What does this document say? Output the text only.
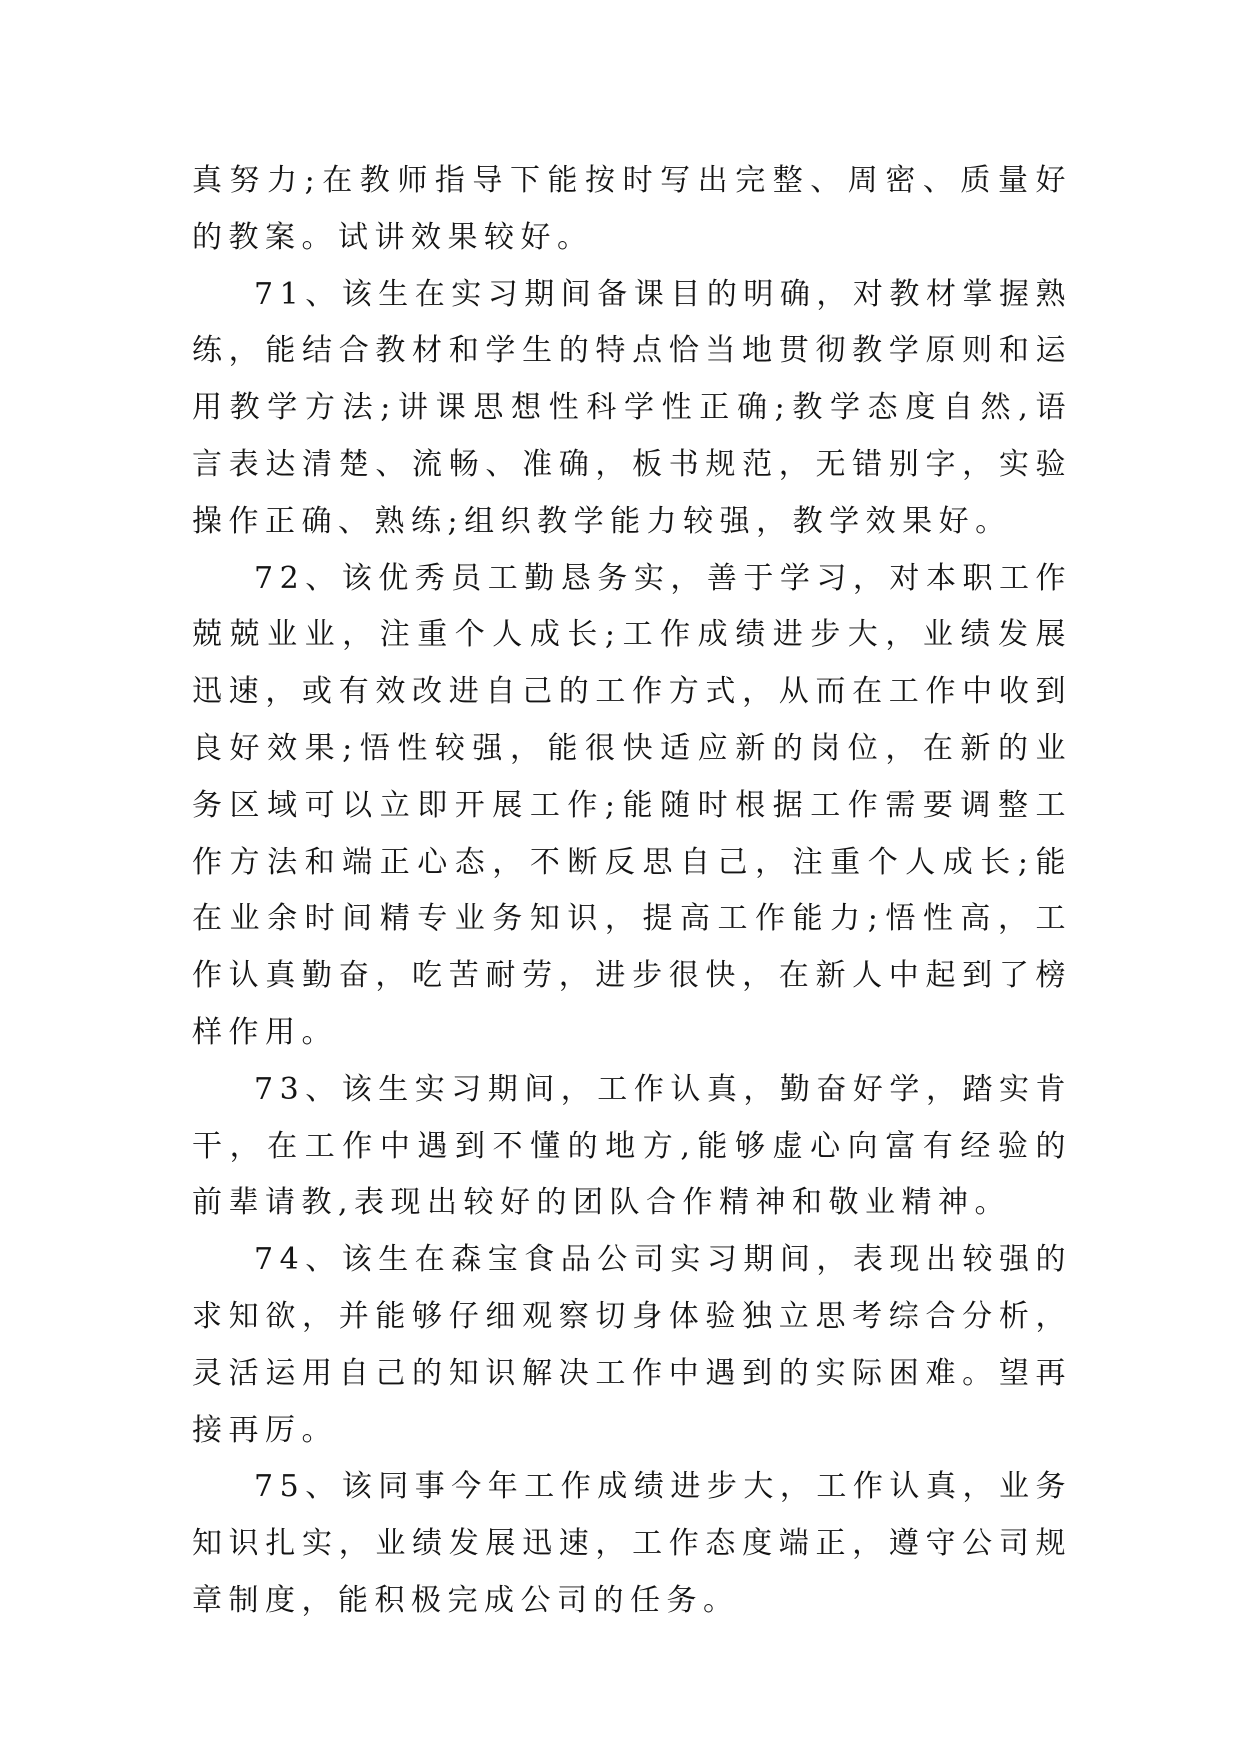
真努力;在教师指导下能按时写出完整、周密、质量好的教案。试讲效果较好。

71、该生在实习期间备课目的明确，对教材掌握熟练，能结合教材和学生的特点恰当地贯彻教学原则和运用教学方法;讲课思想性科学性正确;教学态度自然,语言表达清楚、流畅、准确，板书规范，无错别字，实验操作正确、熟练;组织教学能力较强，教学效果好。

72、该优秀员工勤恳务实，善于学习，对本职工作兢兢业业，注重个人成长;工作成绩进步大，业绩发展迅速，或有效改进自己的工作方式，从而在工作中收到良好效果;悟性较强，能很快适应新的岗位，在新的业务区域可以立即开展工作;能随时根据工作需要调整工作方法和端正心态，不断反思自己，注重个人成长;能在业余时间精专业务知识，提高工作能力;悟性高，工作认真勤奋，吃苦耐劳，进步很快，在新人中起到了榜样作用。

73、该生实习期间，工作认真，勤奋好学，踏实肯干，在工作中遇到不懂的地方,能够虚心向富有经验的前辈请教,表现出较好的团队合作精神和敬业精神。

74、该生在森宝食品公司实习期间，表现出较强的求知欲，并能够仔细观察切身体验独立思考综合分析，灵活运用自己的知识解决工作中遇到的实际困难。望再接再厉。

75、该同事今年工作成绩进步大，工作认真，业务知识扎实，业绩发展迅速，工作态度端正，遵守公司规章制度，能积极完成公司的任务。
